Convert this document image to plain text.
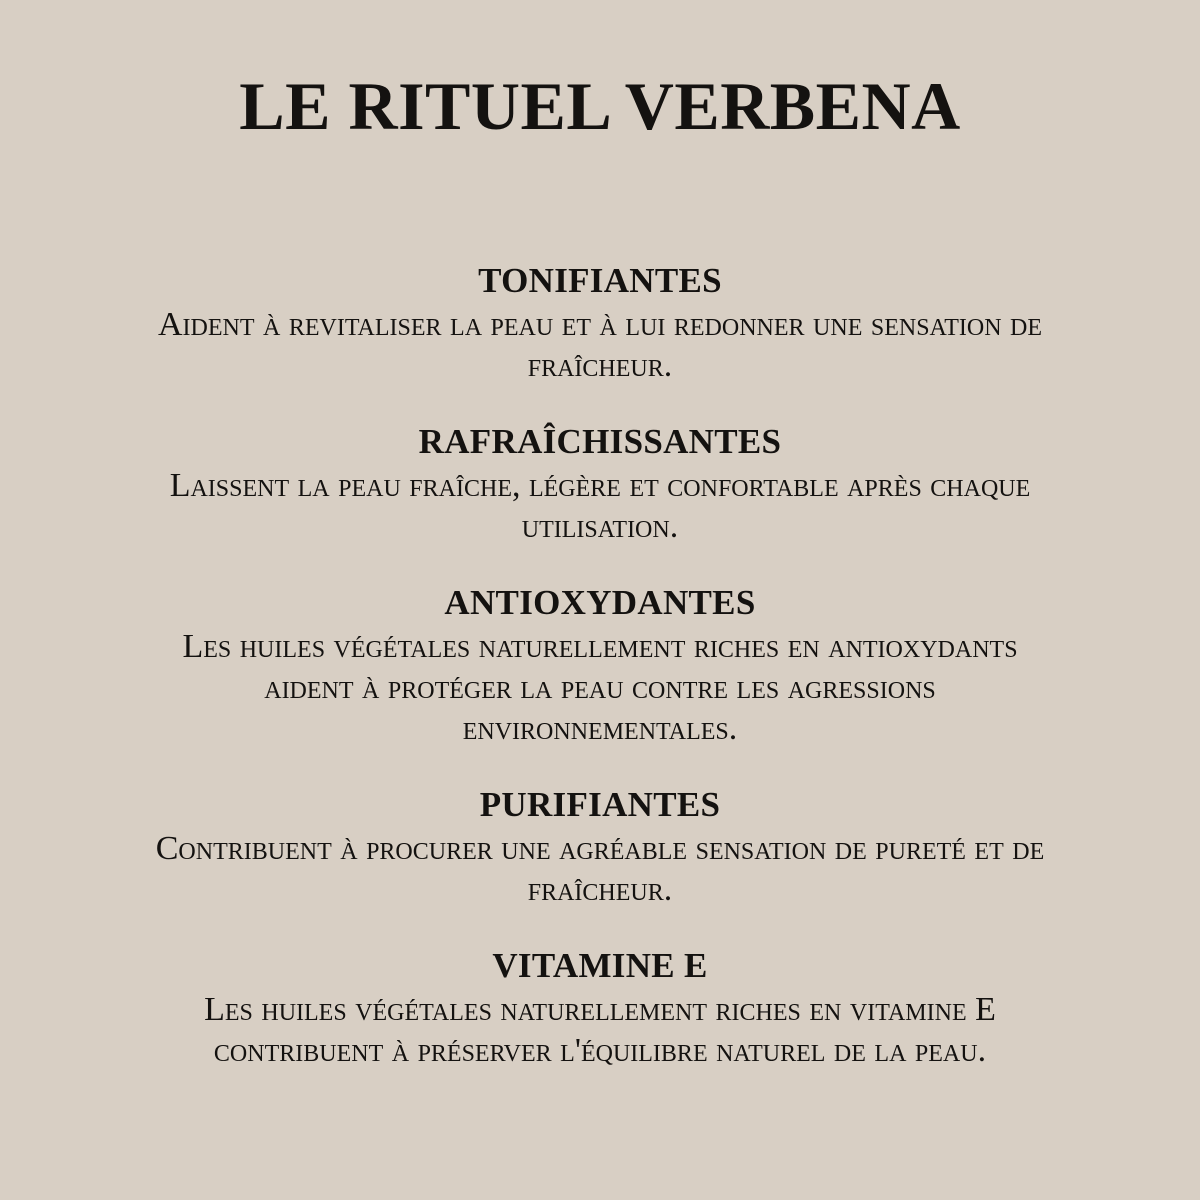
LE RITUEL VERBENA
TONIFIANTES

Aident à revitaliser la peau et à lui redonner une sensation de fraîcheur.

RAFRAÎCHISSANTES

Laissent la peau fraîche, légère et confortable après chaque utilisation.

ANTIOXYDANTES

Les huiles végétales naturellement riches en antioxydants aident à protéger la peau contre les agressions environnementales.

PURIFIANTES

Contribuent à procurer une agréable sensation de pureté et de fraîcheur.

VITAMINE E

Les huiles végétales naturellement riches en vitamine E contribuent à préserver l'équilibre naturel de la peau.
